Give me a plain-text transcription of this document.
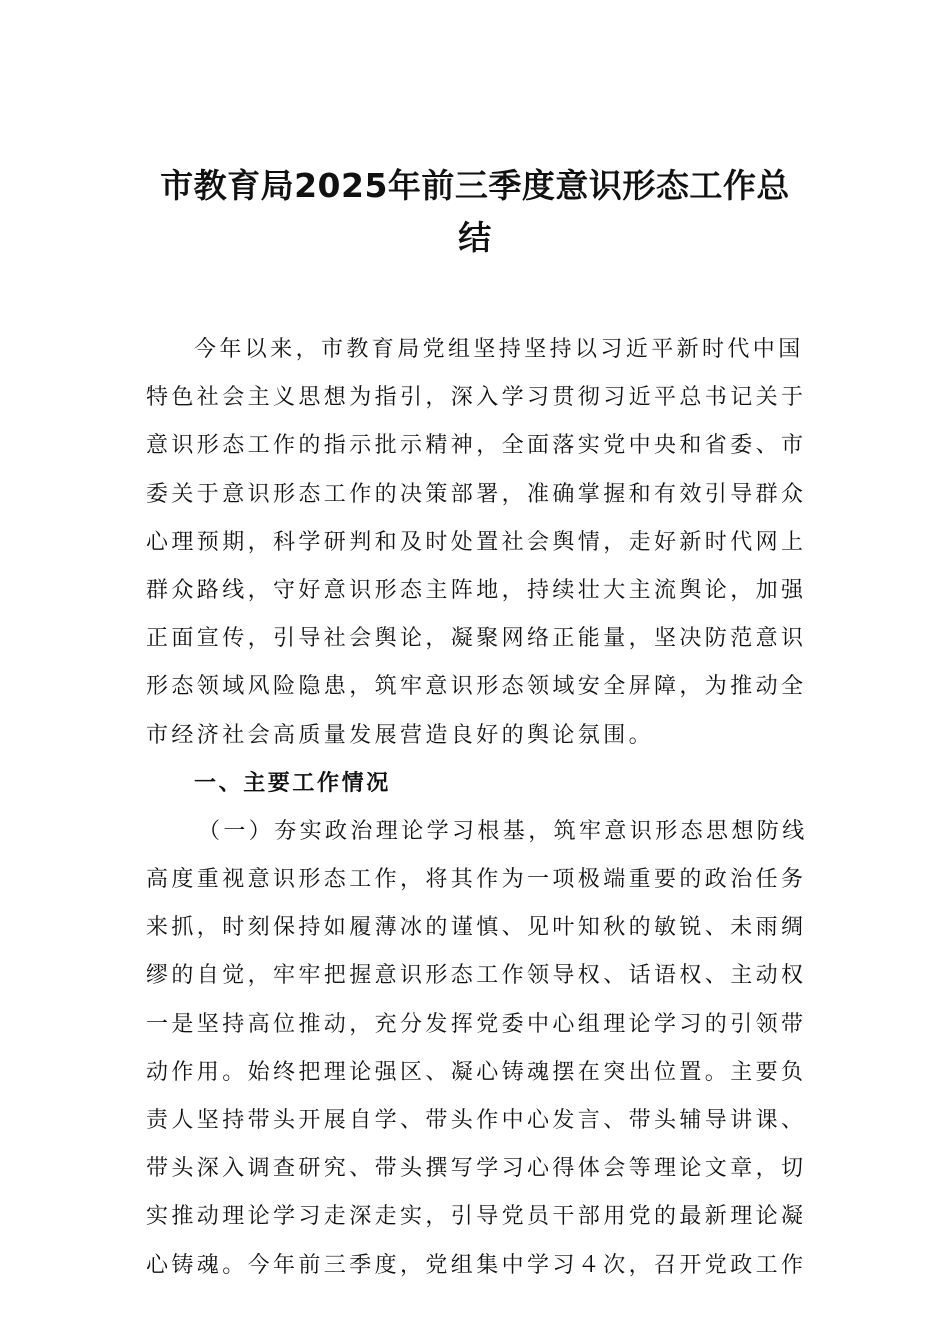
市教育局2025年前三季度意识形态工作总
结
今年以来，市教育局党组坚持坚持以习近平新时代中国
特色社会主义思想为指引，深入学习贯彻习近平总书记关于
意识形态工作的指示批示精神，全面落实党中央和省委、市
委关于意识形态工作的决策部署，准确掌握和有效引导群众
心理预期，科学研判和及时处置社会舆情，走好新时代网上
群众路线，守好意识形态主阵地，持续壮大主流舆论，加强
正面宣传，引导社会舆论，凝聚网络正能量，坚决防范意识
形态领域风险隐患，筑牢意识形态领域安全屏障，为推动全
市经济社会高质量发展营造良好的舆论氛围。
一、主要工作情况
（一）夯实政治理论学习根基，筑牢意识形态思想防线
高度重视意识形态工作，将其作为一项极端重要的政治任务
来抓，时刻保持如履薄冰的谨慎、见叶知秋的敏锐、未雨绸
缪的自觉，牢牢把握意识形态工作领导权、话语权、主动权
一是坚持高位推动，充分发挥党委中心组理论学习的引领带
动作用。始终把理论强区、凝心铸魂摆在突出位置。主要负
责人坚持带头开展自学、带头作中心发言、带头辅导讲课、
带头深入调查研究、带头撰写学习心得体会等理论文章，切
实推动理论学习走深走实，引导党员干部用党的最新理论凝
心铸魂。今年前三季度，党组集中学习４次，召开党政工作
